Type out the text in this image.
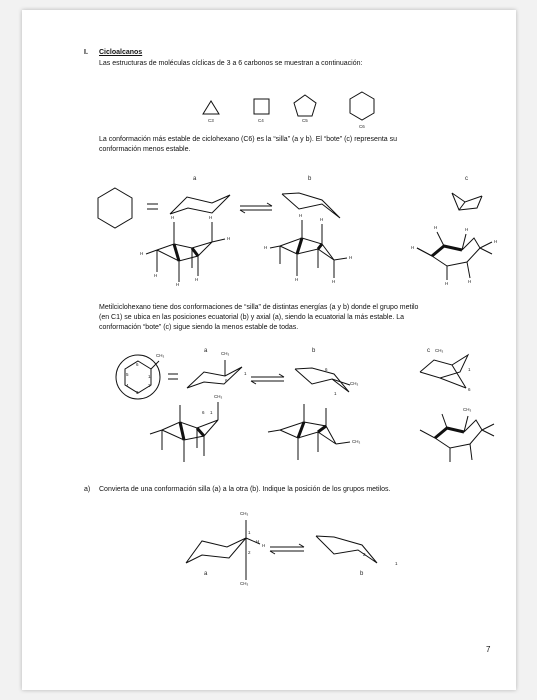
I. Cicloalcanos
Las estructuras de moléculas cíclicas de 3 a 6 carbonos se muestran a continuación:
C3	C4	C5
C6
La conformación más estable de ciclohexano (C6) es la “silla” (a y b). El “bote” (c) representa su
conformación menos estable.
a	b	c
H	H
H
H
H
H
H
H
H
H
H
H	H
H	H
H
H
H	H
Metilciclohexano tiene dos conformaciones de “silla” de distintas energías (a y b) donde el grupo metilo
(en C1) se ubica en las posiciones ecuatorial (b) y axial (a), siendo la ecuatorial la más estable. La
conformación “bote” (c) sigue siendo la menos estable de todas.
6
1
2
3
4
5
CH₃
a	CH₃
6
1
b
CH₃
6
1
c CH₃
1
6
CH₃
6 1
CH₃
CH₃
a) Convierta de una conformación silla (a) a la otra (b). Indique la posición de los grupos metilos.
CH₃
1
2
H
H
CH₃
a
2
1
b
7
